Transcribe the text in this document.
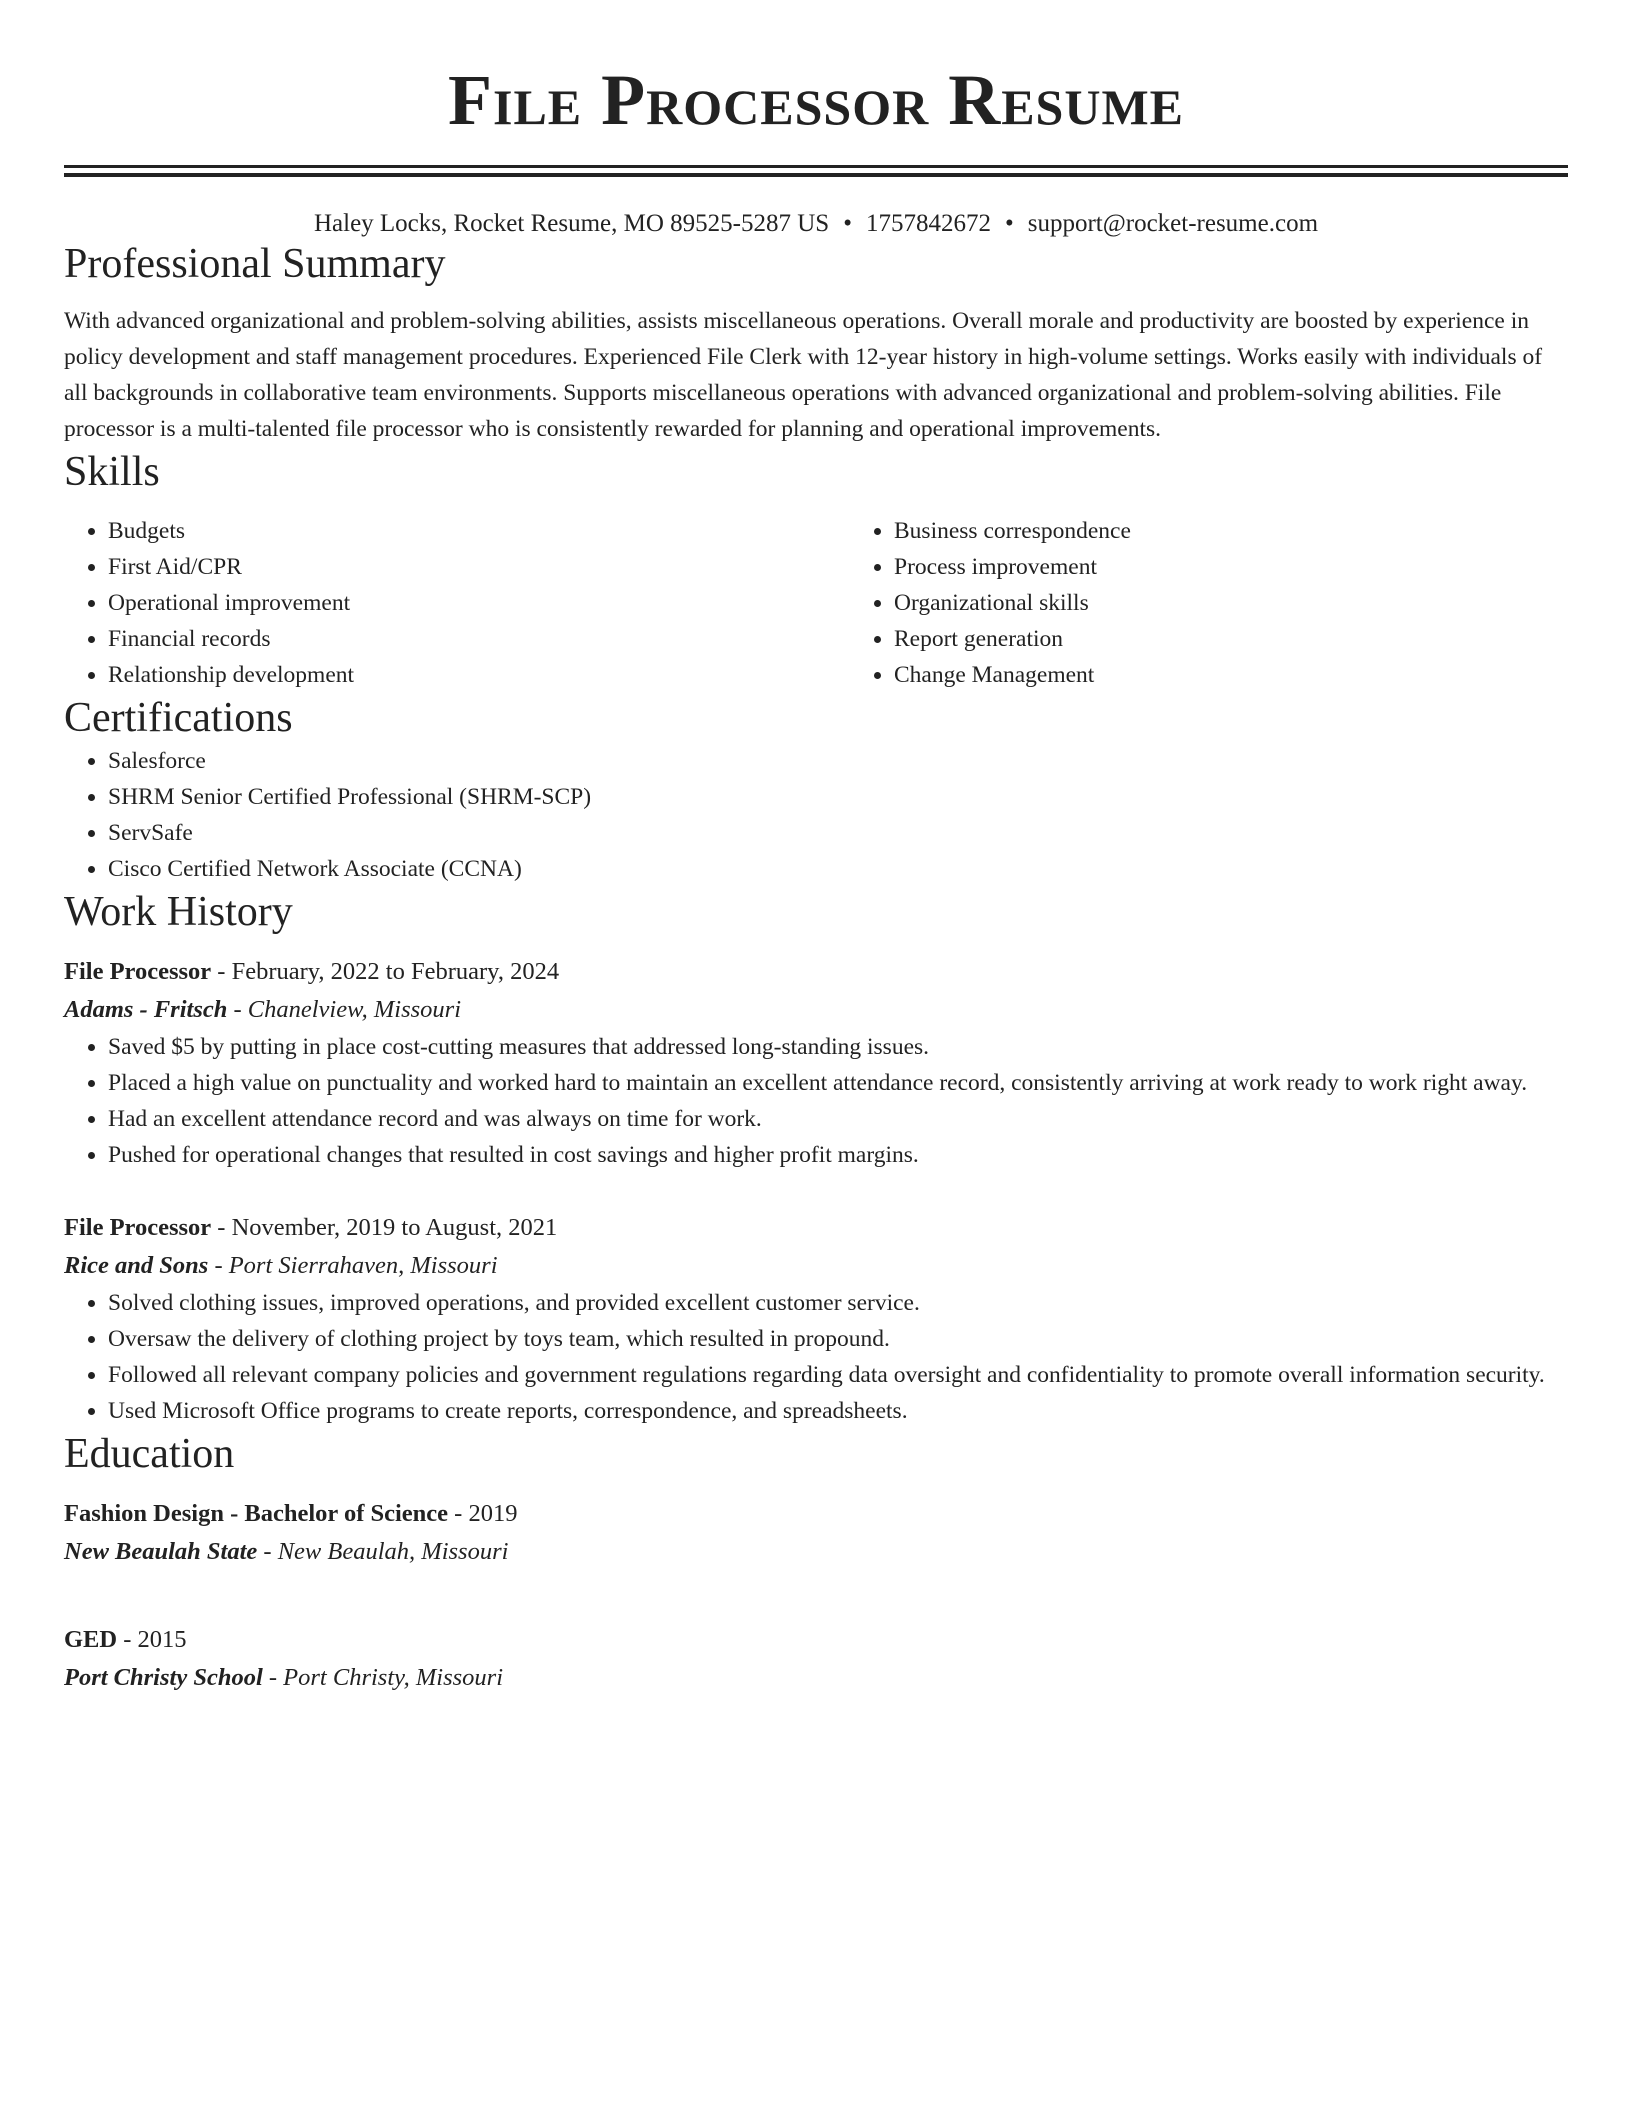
File Processor Resume
Haley Locks, Rocket Resume, MO 89525-5287 US • 1757842672 • support@rocket-resume.com
Professional Summary

With advanced organizational and problem-solving abilities, assists miscellaneous operations. Overall morale and productivity are boosted by experience in policy development and staff management procedures. Experienced File Clerk with 12-year history in high-volume settings. Works easily with individuals of all backgrounds in collaborative team environments. Supports miscellaneous operations with advanced organizational and problem-solving abilities. File processor is a multi-talented file processor who is consistently rewarded for planning and operational improvements.

Skills
• Budgets
• First Aid/CPR
• Operational improvement
• Financial records
• Relationship development
• Business correspondence
• Process improvement
• Organizational skills
• Report generation
• Change Management
Certifications
• Salesforce
• SHRM Senior Certified Professional (SHRM-SCP)
• ServSafe
• Cisco Certified Network Associate (CCNA)
Work History
File Processor - February, 2022 to February, 2024
Adams - Fritsch - Chanelview, Missouri
• Saved $5 by putting in place cost-cutting measures that addressed long-standing issues.
• Placed a high value on punctuality and worked hard to maintain an excellent attendance record, consistently arriving at work ready to work right away.
• Had an excellent attendance record and was always on time for work.
• Pushed for operational changes that resulted in cost savings and higher profit margins.
File Processor - November, 2019 to August, 2021
Rice and Sons - Port Sierrahaven, Missouri
• Solved clothing issues, improved operations, and provided excellent customer service.
• Oversaw the delivery of clothing project by toys team, which resulted in propound.
• Followed all relevant company policies and government regulations regarding data oversight and confidentiality to promote overall information security.
• Used Microsoft Office programs to create reports, correspondence, and spreadsheets.
Education
Fashion Design - Bachelor of Science - 2019
New Beaulah State - New Beaulah, Missouri
GED - 2015
Port Christy School - Port Christy, Missouri
